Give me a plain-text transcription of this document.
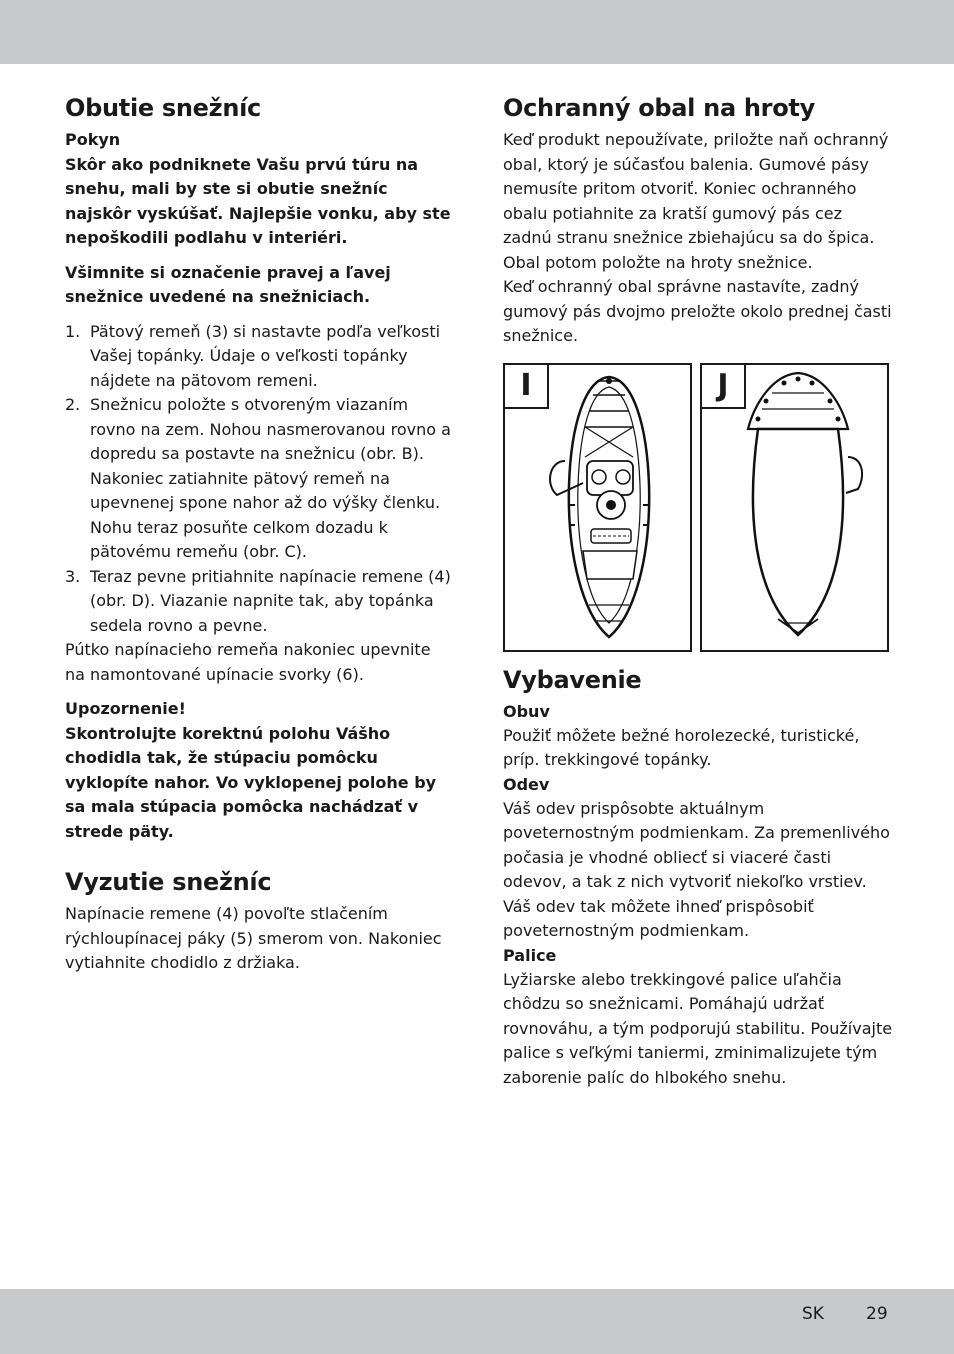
Obutie snežníc
Pokyn
Skôr ako podniknete Vašu prvú túru na snehu, mali by ste si obutie snežníc najskôr vyskúšať. Najlepšie vonku, aby ste nepoškodili podlahu v interiéri.
Všimnite si označenie pravej a ľavej snežnice uvedené na snežniciach.
1. Pätový remeň (3) si nastavte podľa veľkosti Vašej topánky. Údaje o veľkosti topánky nájdete na pätovom remeni.
2. Snežnicu položte s otvoreným viazaním rovno na zem. Nohou nasmerovanou rovno a dopredu sa postavte na snežnicu (obr. B). Nakoniec zatiahnite pätový remeň na upevnenej spone nahor až do výšky členku. Nohu teraz posuňte celkom dozadu k pätovému remeňu (obr. C).
3. Teraz pevne pritiahnite napínacie remene (4) (obr. D). Viazanie napnite tak, aby topánka sedela rovno a pevne.

Pútko napínacieho remeňa nakoniec upevnite na namontované upínacie svorky (6).

Upozornenie!
Skontrolujte korektnú polohu Vášho chodidla tak, že stúpaciu pomôcku vyklopíte nahor. Vo vyklopenej polohe by sa mala stúpacia pomôcka nachádzať v strede päty.
Vyzutie snežníc

Napínacie remene (4) povoľte stlačením rýchloupínacej páky (5) smerom von. Nakoniec vytiahnite chodidlo z držiaka.

Ochranný obal na hroty

Keď produkt nepoužívate, priložte naň ochranný obal, ktorý je súčasťou balenia. Gumové pásy nemusíte pritom otvoriť. Koniec ochranného obalu potiahnite za kratší gumový pás cez zadnú stranu snežnice zbiehajúcu sa do špica.

Obal potom položte na hroty snežnice.

Keď ochranný obal správne nastavíte, zadný gumový pás dvojmo preložte okolo prednej časti snežnice.

I	J
Vybavenie
Obuv

Použiť môžete bežné horolezecké, turistické, príp. trekkingové topánky.

Odev

Váš odev prispôsobte aktuálnym poveternostným podmienkam. Za premenlivého počasia je vhodné obliecť si viaceré časti odevov, a tak z nich vytvoriť niekoľko vrstiev. Váš odev tak môžete ihneď prispôsobiť poveternostným podmienkam.

Palice

Lyžiarske alebo trekkingové palice uľahčia chôdzu so snežnicami. Pomáhajú udržať rovnováhu, a tým podporujú stabilitu. Používajte palice s veľkými taniermi, zminimalizujete tým zaborenie palíc do hlbokého snehu.

SK 29
